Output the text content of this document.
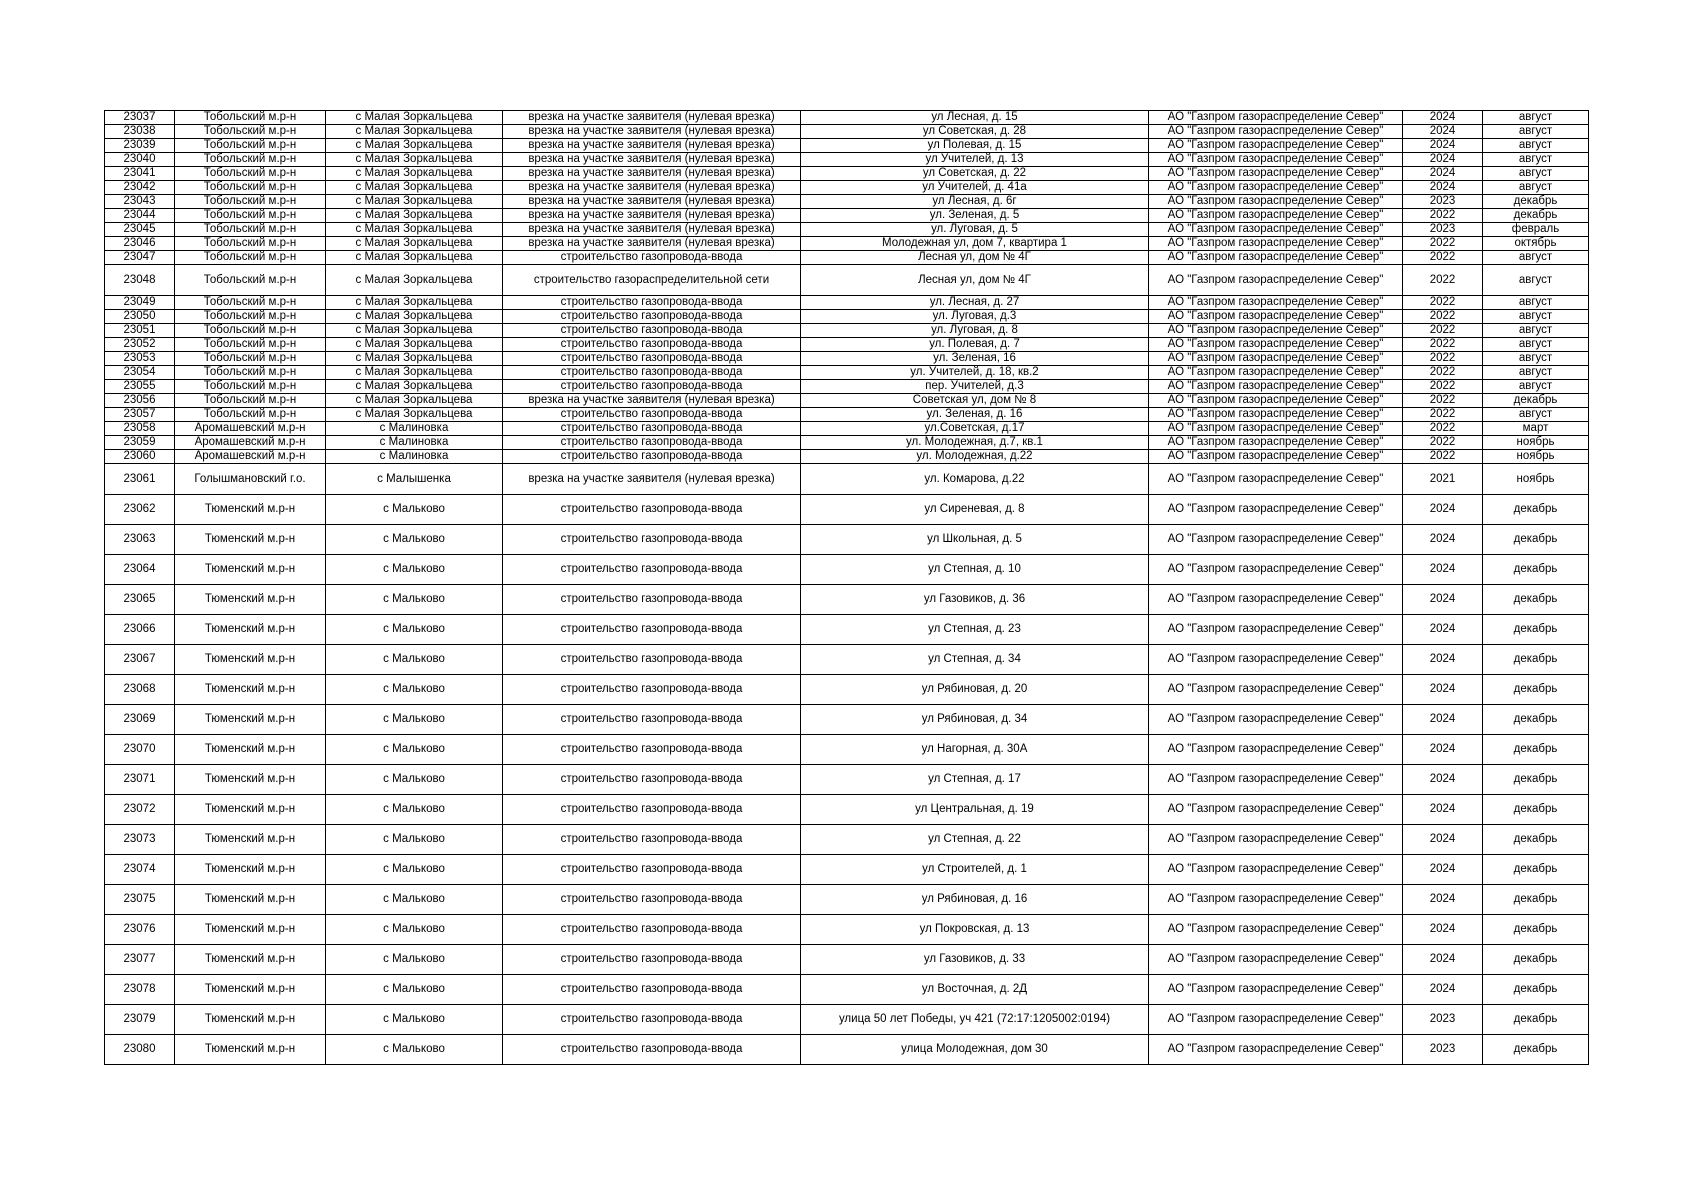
23037	Тобольский м.р-н	с Малая Зоркальцева	врезка на участке заявителя (нулевая врезка)	ул Лесная, д. 15	АО "Газпром газораспределение Север"	2024	август
23038	Тобольский м.р-н	с Малая Зоркальцева	врезка на участке заявителя (нулевая врезка)	ул Советская, д. 28	АО "Газпром газораспределение Север"	2024	август
23039	Тобольский м.р-н	с Малая Зоркальцева	врезка на участке заявителя (нулевая врезка)	ул Полевая, д. 15	АО "Газпром газораспределение Север"	2024	август
23040	Тобольский м.р-н	с Малая Зоркальцева	врезка на участке заявителя (нулевая врезка)	ул Учителей, д. 13	АО "Газпром газораспределение Север"	2024	август
23041	Тобольский м.р-н	с Малая Зоркальцева	врезка на участке заявителя (нулевая врезка)	ул Советская, д. 22	АО "Газпром газораспределение Север"	2024	август
23042	Тобольский м.р-н	с Малая Зоркальцева	врезка на участке заявителя (нулевая врезка)	ул Учителей, д. 41а	АО "Газпром газораспределение Север"	2024	август
23043	Тобольский м.р-н	с Малая Зоркальцева	врезка на участке заявителя (нулевая врезка)	ул Лесная, д. 6г	АО "Газпром газораспределение Север"	2023	декабрь
23044	Тобольский м.р-н	с Малая Зоркальцева	врезка на участке заявителя (нулевая врезка)	ул. Зеленая, д. 5	АО "Газпром газораспределение Север"	2022	декабрь
23045	Тобольский м.р-н	с Малая Зоркальцева	врезка на участке заявителя (нулевая врезка)	ул. Луговая, д. 5	АО "Газпром газораспределение Север"	2023	февраль
23046	Тобольский м.р-н	с Малая Зоркальцева	врезка на участке заявителя (нулевая врезка)	Молодежная ул, дом 7, квартира 1	АО "Газпром газораспределение Север"	2022	октябрь
23047	Тобольский м.р-н	с Малая Зоркальцева	строительство газопровода-ввода	Лесная ул, дом № 4Г	АО "Газпром газораспределение Север"	2022	август
23048	Тобольский м.р-н	с Малая Зоркальцева	строительство газораспределительной сети	Лесная ул, дом № 4Г	АО "Газпром газораспределение Север"	2022	август
23049	Тобольский м.р-н	с Малая Зоркальцева	строительство газопровода-ввода	ул. Лесная, д. 27	АО "Газпром газораспределение Север"	2022	август
23050	Тобольский м.р-н	с Малая Зоркальцева	строительство газопровода-ввода	ул. Луговая, д.3	АО "Газпром газораспределение Север"	2022	август
23051	Тобольский м.р-н	с Малая Зоркальцева	строительство газопровода-ввода	ул. Луговая, д. 8	АО "Газпром газораспределение Север"	2022	август
23052	Тобольский м.р-н	с Малая Зоркальцева	строительство газопровода-ввода	ул. Полевая, д. 7	АО "Газпром газораспределение Север"	2022	август
23053	Тобольский м.р-н	с Малая Зоркальцева	строительство газопровода-ввода	ул. Зеленая, 16	АО "Газпром газораспределение Север"	2022	август
23054	Тобольский м.р-н	с Малая Зоркальцева	строительство газопровода-ввода	ул. Учителей, д. 18, кв.2	АО "Газпром газораспределение Север"	2022	август
23055	Тобольский м.р-н	с Малая Зоркальцева	строительство газопровода-ввода	пер. Учителей, д.3	АО "Газпром газораспределение Север"	2022	август
23056	Тобольский м.р-н	с Малая Зоркальцева	врезка на участке заявителя (нулевая врезка)	Советская ул, дом № 8	АО "Газпром газораспределение Север"	2022	декабрь
23057	Тобольский м.р-н	с Малая Зоркальцева	строительство газопровода-ввода	ул. Зеленая, д. 16	АО "Газпром газораспределение Север"	2022	август
23058	Аромашевский м.р-н	с Малиновка	строительство газопровода-ввода	ул.Советская, д.17	АО "Газпром газораспределение Север"	2022	март
23059	Аромашевский м.р-н	с Малиновка	строительство газопровода-ввода	ул. Молодежная, д.7, кв.1	АО "Газпром газораспределение Север"	2022	ноябрь
23060	Аромашевский м.р-н	с Малиновка	строительство газопровода-ввода	ул. Молодежная, д.22	АО "Газпром газораспределение Север"	2022	ноябрь
23061	Голышмановский г.о.	с Малышенка	врезка на участке заявителя (нулевая врезка)	ул. Комарова, д.22	АО "Газпром газораспределение Север"	2021	ноябрь
23062	Тюменский м.р-н	с Мальково	строительство газопровода-ввода	ул Сиреневая, д. 8	АО "Газпром газораспределение Север"	2024	декабрь
23063	Тюменский м.р-н	с Мальково	строительство газопровода-ввода	ул Школьная, д. 5	АО "Газпром газораспределение Север"	2024	декабрь
23064	Тюменский м.р-н	с Мальково	строительство газопровода-ввода	ул Степная, д. 10	АО "Газпром газораспределение Север"	2024	декабрь
23065	Тюменский м.р-н	с Мальково	строительство газопровода-ввода	ул Газовиков, д. 36	АО "Газпром газораспределение Север"	2024	декабрь
23066	Тюменский м.р-н	с Мальково	строительство газопровода-ввода	ул Степная, д. 23	АО "Газпром газораспределение Север"	2024	декабрь
23067	Тюменский м.р-н	с Мальково	строительство газопровода-ввода	ул Степная, д. 34	АО "Газпром газораспределение Север"	2024	декабрь
23068	Тюменский м.р-н	с Мальково	строительство газопровода-ввода	ул Рябиновая, д. 20	АО "Газпром газораспределение Север"	2024	декабрь
23069	Тюменский м.р-н	с Мальково	строительство газопровода-ввода	ул Рябиновая, д. 34	АО "Газпром газораспределение Север"	2024	декабрь
23070	Тюменский м.р-н	с Мальково	строительство газопровода-ввода	ул Нагорная, д. 30А	АО "Газпром газораспределение Север"	2024	декабрь
23071	Тюменский м.р-н	с Мальково	строительство газопровода-ввода	ул Степная, д. 17	АО "Газпром газораспределение Север"	2024	декабрь
23072	Тюменский м.р-н	с Мальково	строительство газопровода-ввода	ул Центральная, д. 19	АО "Газпром газораспределение Север"	2024	декабрь
23073	Тюменский м.р-н	с Мальково	строительство газопровода-ввода	ул Степная, д. 22	АО "Газпром газораспределение Север"	2024	декабрь
23074	Тюменский м.р-н	с Мальково	строительство газопровода-ввода	ул Строителей, д. 1	АО "Газпром газораспределение Север"	2024	декабрь
23075	Тюменский м.р-н	с Мальково	строительство газопровода-ввода	ул Рябиновая, д. 16	АО "Газпром газораспределение Север"	2024	декабрь
23076	Тюменский м.р-н	с Мальково	строительство газопровода-ввода	ул Покровская, д. 13	АО "Газпром газораспределение Север"	2024	декабрь
23077	Тюменский м.р-н	с Мальково	строительство газопровода-ввода	ул Газовиков, д. 33	АО "Газпром газораспределение Север"	2024	декабрь
23078	Тюменский м.р-н	с Мальково	строительство газопровода-ввода	ул Восточная, д. 2Д	АО "Газпром газораспределение Север"	2024	декабрь
23079	Тюменский м.р-н	с Мальково	строительство газопровода-ввода	улица 50 лет Победы, уч 421 (72:17:1205002:0194)	АО "Газпром газораспределение Север"	2023	декабрь
23080	Тюменский м.р-н	с Мальково	строительство газопровода-ввода	улица Молодежная, дом 30	АО "Газпром газораспределение Север"	2023	декабрь
